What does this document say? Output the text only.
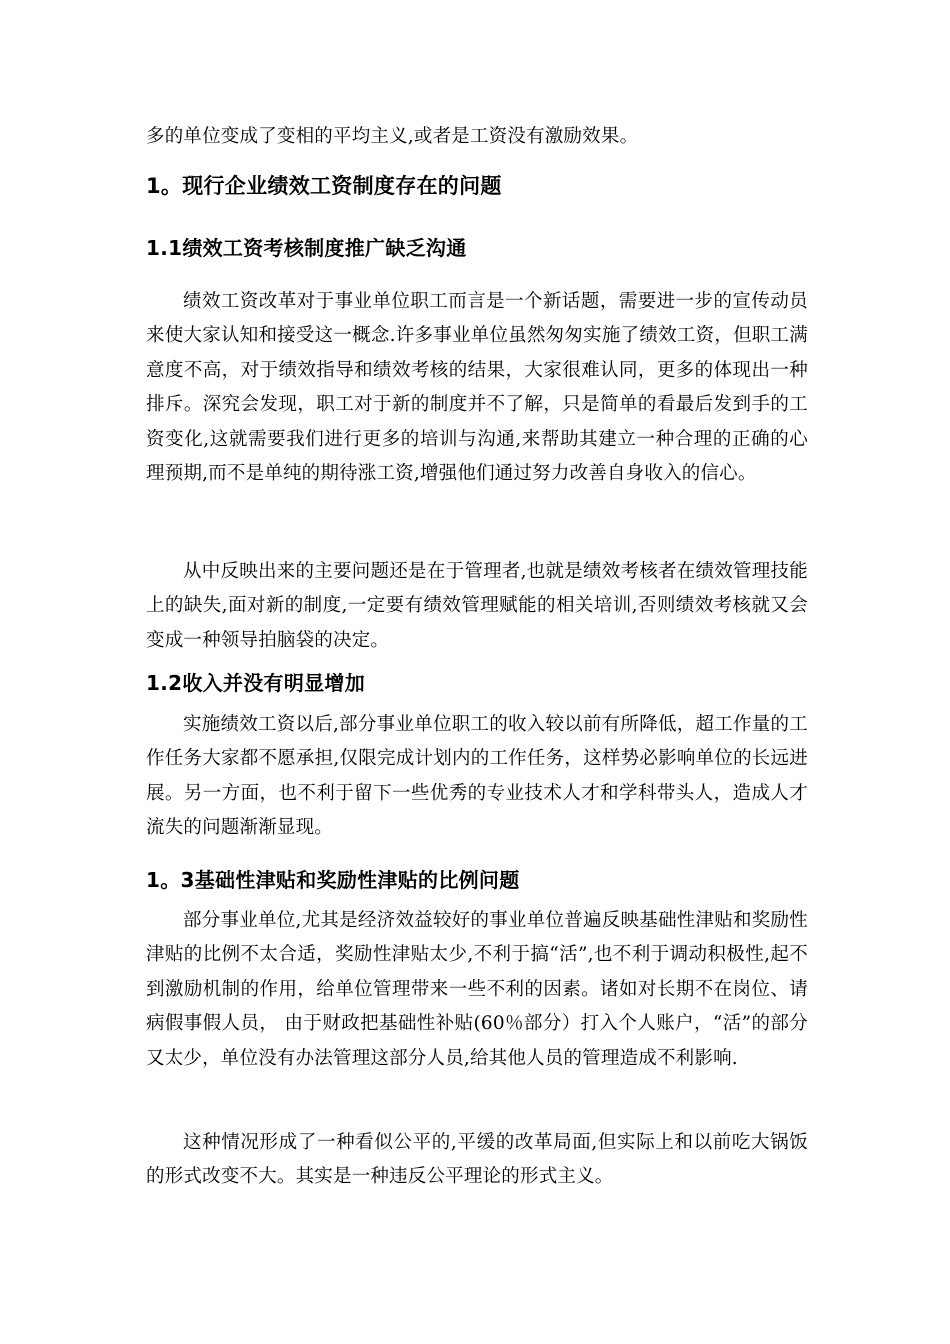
多的单位变成了变相的平均主义,或者是工资没有激励效果。

1。现行企业绩效工资制度存在的问题
1.1绩效工资考核制度推广缺乏沟通

绩效工资改革对于事业单位职工而言是一个新话题，需要进一步的宣传动员来使大家认知和接受这一概念.许多事业单位虽然匆匆实施了绩效工资，但职工满意度不高，对于绩效指导和绩效考核的结果，大家很难认同，更多的体现出一种排斥。深究会发现，职工对于新的制度并不了解，只是简单的看最后发到手的工资变化,这就需要我们进行更多的培训与沟通,来帮助其建立一种合理的正确的心理预期,而不是单纯的期待涨工资,增强他们通过努力改善自身收入的信心。

从中反映出来的主要问题还是在于管理者,也就是绩效考核者在绩效管理技能上的缺失,面对新的制度,一定要有绩效管理赋能的相关培训,否则绩效考核就又会变成一种领导拍脑袋的决定。

1.2收入并没有明显增加

实施绩效工资以后,部分事业单位职工的收入较以前有所降低，超工作量的工作任务大家都不愿承担,仅限完成计划内的工作任务，这样势必影响单位的长远进展。另一方面，也不利于留下一些优秀的专业技术人才和学科带头人，造成人才流失的问题渐渐显现。

1。3基础性津贴和奖励性津贴的比例问题

部分事业单位,尤其是经济效益较好的事业单位普遍反映基础性津贴和奖励性津贴的比例不太合适，奖励性津贴太少,不利于搞“活”,也不利于调动积极性,起不到激励机制的作用，给单位管理带来一些不利的因素。诸如对长期不在岗位、请病假事假人员， 由于财政把基础性补贴(60％部分）打入个人账户，“活”的部分又太少，单位没有办法管理这部分人员,给其他人员的管理造成不利影响.

这种情况形成了一种看似公平的,平缓的改革局面,但实际上和以前吃大锅饭的形式改变不大。其实是一种违反公平理论的形式主义。
